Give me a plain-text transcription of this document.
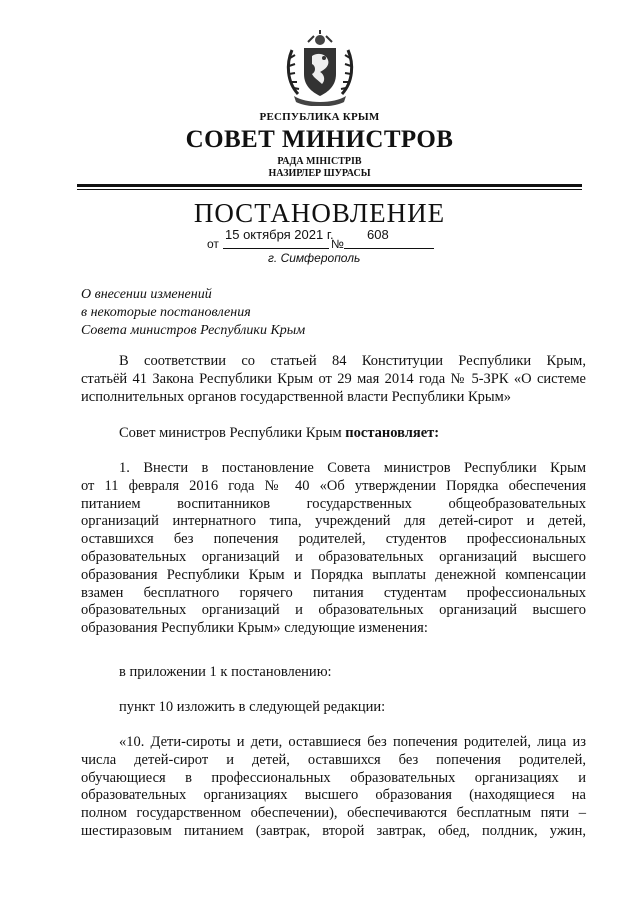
РЕСПУБЛИКА КРЫМ
СОВЕТ МИНИСТРОВ
РАДА МІНІСТРІВ
НАЗИРЛЕР ШУРАСЫ
ПОСТАНОВЛЕНИЕ
от
15 октября 2021 г.
№
608
г. Симферополь
О внесении изменений
в некоторые постановления
Совета министров Республики Крым
В соответствии со статьей 84 Конституции Республики Крым,
статьёй 41 Закона Республики Крым от 29 мая 2014 года № 5-ЗРК «О системе
исполнительных органов государственной власти Республики Крым»
Совет министров Республики Крым постановляет:
1. Внести в постановление Совета министров Республики Крым
от 11 февраля 2016 года № 40 «Об утверждении Порядка обеспечения
питанием воспитанников государственных общеобразовательных
организаций интернатного типа, учреждений для детей-сирот и детей,
оставшихся без попечения родителей, студентов профессиональных
образовательных организаций и образовательных организаций высшего
образования Республики Крым и Порядка выплаты денежной компенсации
взамен бесплатного горячего питания студентам профессиональных
образовательных организаций и образовательных организаций высшего
образования Республики Крым» следующие изменения:
в приложении 1 к постановлению:
пункт 10 изложить в следующей редакции:
«10. Дети-сироты и дети, оставшиеся без попечения родителей, лица из
числа детей-сирот и детей, оставшихся без попечения родителей,
обучающиеся в профессиональных образовательных организациях и
образовательных организациях высшего образования (находящиеся на
полном государственном обеспечении), обеспечиваются бесплатным пяти –
шестиразовым питанием (завтрак, второй завтрак, обед, полдник, ужин,
